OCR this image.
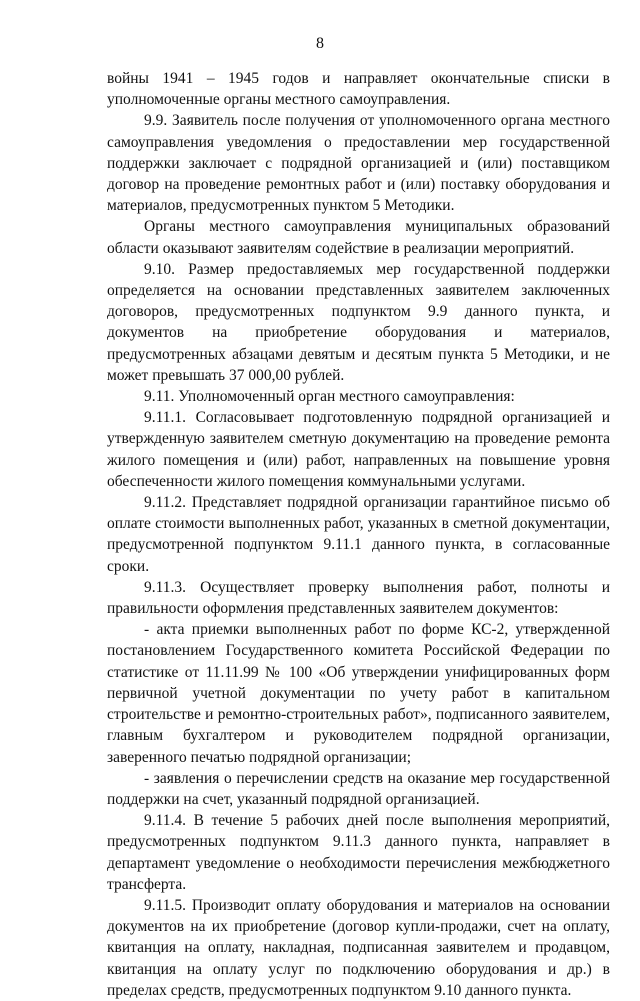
8

войны 1941 – 1945 годов и направляет окончательные списки в уполномоченные органы местного самоуправления.

9.9. Заявитель после получения от уполномоченного органа местного самоуправления уведомления о предоставлении мер государственной поддержки заключает с подрядной организацией и (или) поставщиком договор на проведение ремонтных работ и (или) поставку оборудования и материалов, предусмотренных пунктом 5 Методики.

Органы местного самоуправления муниципальных образований области оказывают заявителям содействие в реализации мероприятий.

9.10. Размер предоставляемых мер государственной поддержки определяется на основании представленных заявителем заключенных договоров, предусмотренных подпунктом 9.9 данного пункта, и документов на приобретение оборудования и материалов, предусмотренных абзацами девятым и десятым пункта 5 Методики, и не может превышать 37 000,00 рублей.

9.11. Уполномоченный орган местного самоуправления:

9.11.1. Согласовывает подготовленную подрядной организацией и утвержденную заявителем сметную документацию на проведение ремонта жилого помещения и (или) работ, направленных на повышение уровня обеспеченности жилого помещения коммунальными услугами.

9.11.2. Представляет подрядной организации гарантийное письмо об оплате стоимости выполненных работ, указанных в сметной документации, предусмотренной подпунктом 9.11.1 данного пункта, в согласованные сроки.

9.11.3. Осуществляет проверку выполнения работ, полноты и правильности оформления представленных заявителем документов:

- акта приемки выполненных работ по форме КС-2, утвержденной постановлением Государственного комитета Российской Федерации по статистике от 11.11.99 № 100 «Об утверждении унифицированных форм первичной учетной документации по учету работ в капитальном строительстве и ремонтно-строительных работ», подписанного заявителем, главным бухгалтером и руководителем подрядной организации, заверенного печатью подрядной организации;

- заявления о перечислении средств на оказание мер государственной поддержки на счет, указанный подрядной организацией.

9.11.4. В течение 5 рабочих дней после выполнения мероприятий, предусмотренных подпунктом 9.11.3 данного пункта, направляет в департамент уведомление о необходимости перечисления межбюджетного трансферта.

9.11.5. Производит оплату оборудования и материалов на основании документов на их приобретение (договор купли-продажи, счет на оплату, квитанция на оплату, накладная, подписанная заявителем и продавцом, квитанция на оплату услуг по подключению оборудования и др.) в пределах средств, предусмотренных подпунктом 9.10 данного пункта.
